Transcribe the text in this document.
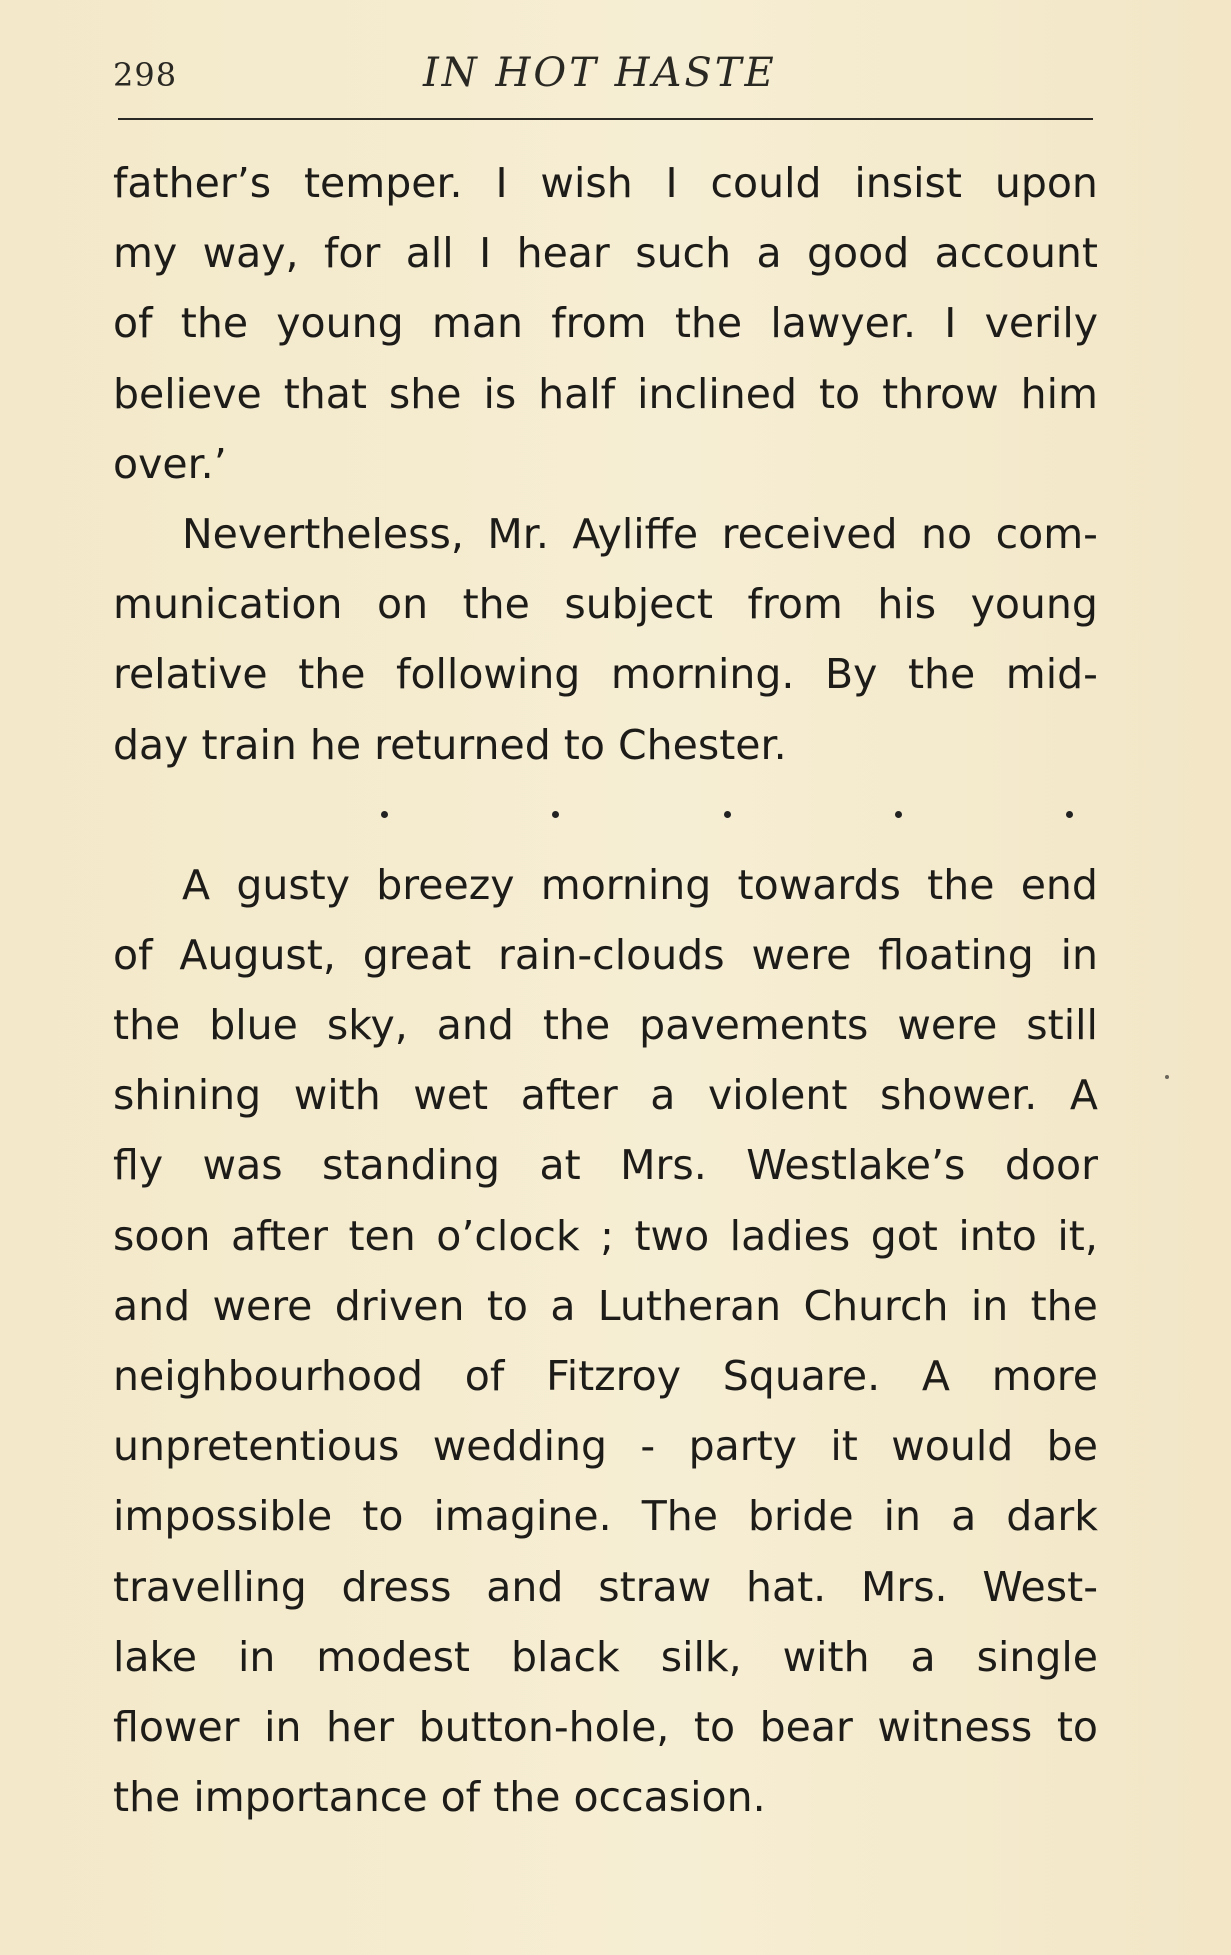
298	IN HOT HASTE
father’s temper. I wish I could insist upon
my way, for all I hear such a good account
of the young man from the lawyer. I verily
believe that she is half inclined to throw him
over.’
Nevertheless, Mr. Ayliffe received no com-
munication on the subject from his young
relative the following morning. By the mid-
day train he returned to Chester.
A gusty breezy morning towards the end
of August, great rain-clouds were floating in
the blue sky, and the pavements were still
shining with wet after a violent shower. A
fly was standing at Mrs. Westlake’s door
soon after ten o’clock ; two ladies got into it,
and were driven to a Lutheran Church in the
neighbourhood of Fitzroy Square. A more
unpretentious wedding - party it would be
impossible to imagine. The bride in a dark
travelling dress and straw hat. Mrs. West-
lake in modest black silk, with a single
flower in her button-hole, to bear witness to
the importance of the occasion.
